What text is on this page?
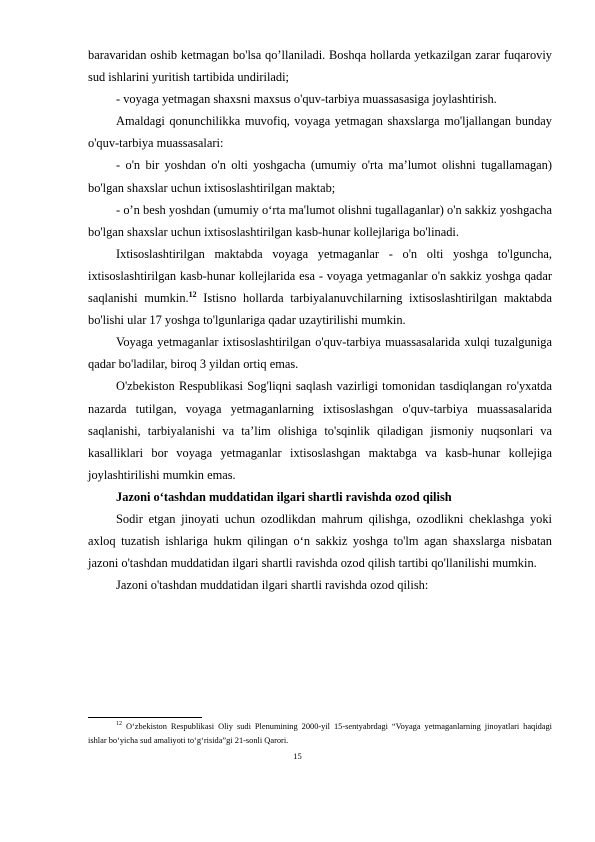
baravaridan oshib ketmagan bo'lsa qo’llaniladi. Boshqa hollarda yetkazilgan zarar fuqaroviy sud ishlarini yuritish tartibida undiriladi;

- voyaga yetmagan shaxsni maxsus o'quv-tarbiya muassasasiga joylashtirish.

Amaldagi qonunchilikka muvofiq, voyaga yetmagan shaxslarga mo'ljallangan bunday o'quv-tarbiya muassasalari:

- o'n bir yoshdan o'n olti yoshgacha (umumiy o'rta ma’lumot olishni tugallamagan) bo'lgan shaxslar uchun ixtisoslashtirilgan maktab;

- o’n besh yoshdan (umumiy o‘rta ma'lumot olishni tugallaganlar) o'n sakkiz yoshgacha bo'lgan shaxslar uchun ixtisoslashtirilgan kasb-hunar kollejlariga bo'linadi.

Ixtisoslashtirilgan maktabda voyaga yetmaganlar - o'n olti yoshga to'lguncha, ixtisoslashtirilgan kasb-hunar kollejlarida esa - voyaga yetmaganlar o'n sakkiz yoshga qadar saqlanishi mumkin.$^{12}$ Istisno hollarda tarbiyalanuvchilarning ixtisoslashtirilgan maktabda bo'lishi ular 17 yoshga to'lgunlariga qadar uzaytirilishi mumkin.

Voyaga yetmaganlar ixtisoslashtirilgan o'quv-tarbiya muassasalarida xulqi tuzalguniga qadar bo'ladilar, biroq 3 yildan ortiq emas.

O'zbekiston Respublikasi Sog'liqni saqlash vazirligi tomonidan tasdiqlangan ro'yxatda nazarda tutilgan, voyaga yetmaganlarning ixtisoslashgan o'quv-tarbiya muassasalarida saqlanishi, tarbiyalanishi va ta’lim olishiga to'sqinlik qiladigan jismoniy nuqsonlari va kasalliklari bor voyaga yetmaganlar ixtisoslashgan maktabga va kasb-hunar kollejiga joylashtirilishi mumkin emas.

Jazoni o‘tashdan muddatidan ilgari shartli ravishda ozod qilish

Sodir etgan jinoyati uchun ozodlikdan mahrum qilishga, ozodlikni cheklashga yoki axloq tuzatish ishlariga hukm qilingan o‘n sakkiz yoshga to'lm agan shaxslarga nisbatan jazoni o'tashdan muddatidan ilgari shartli ravishda ozod qilish tartibi qo'llanilishi mumkin.

Jazoni o'tashdan muddatidan ilgari shartli ravishda ozod qilish:

$^{12}$ O‘zbekiston Respublikasi Oliy sudi Plenumining 2000-yil 15-sentyabrdagi “Voyaga yetmaganlarning jinoyatlari haqidagi ishlar bo‘yicha sud amaliyoti to‘g‘risida”gi 21-sonli Qarori.
15
